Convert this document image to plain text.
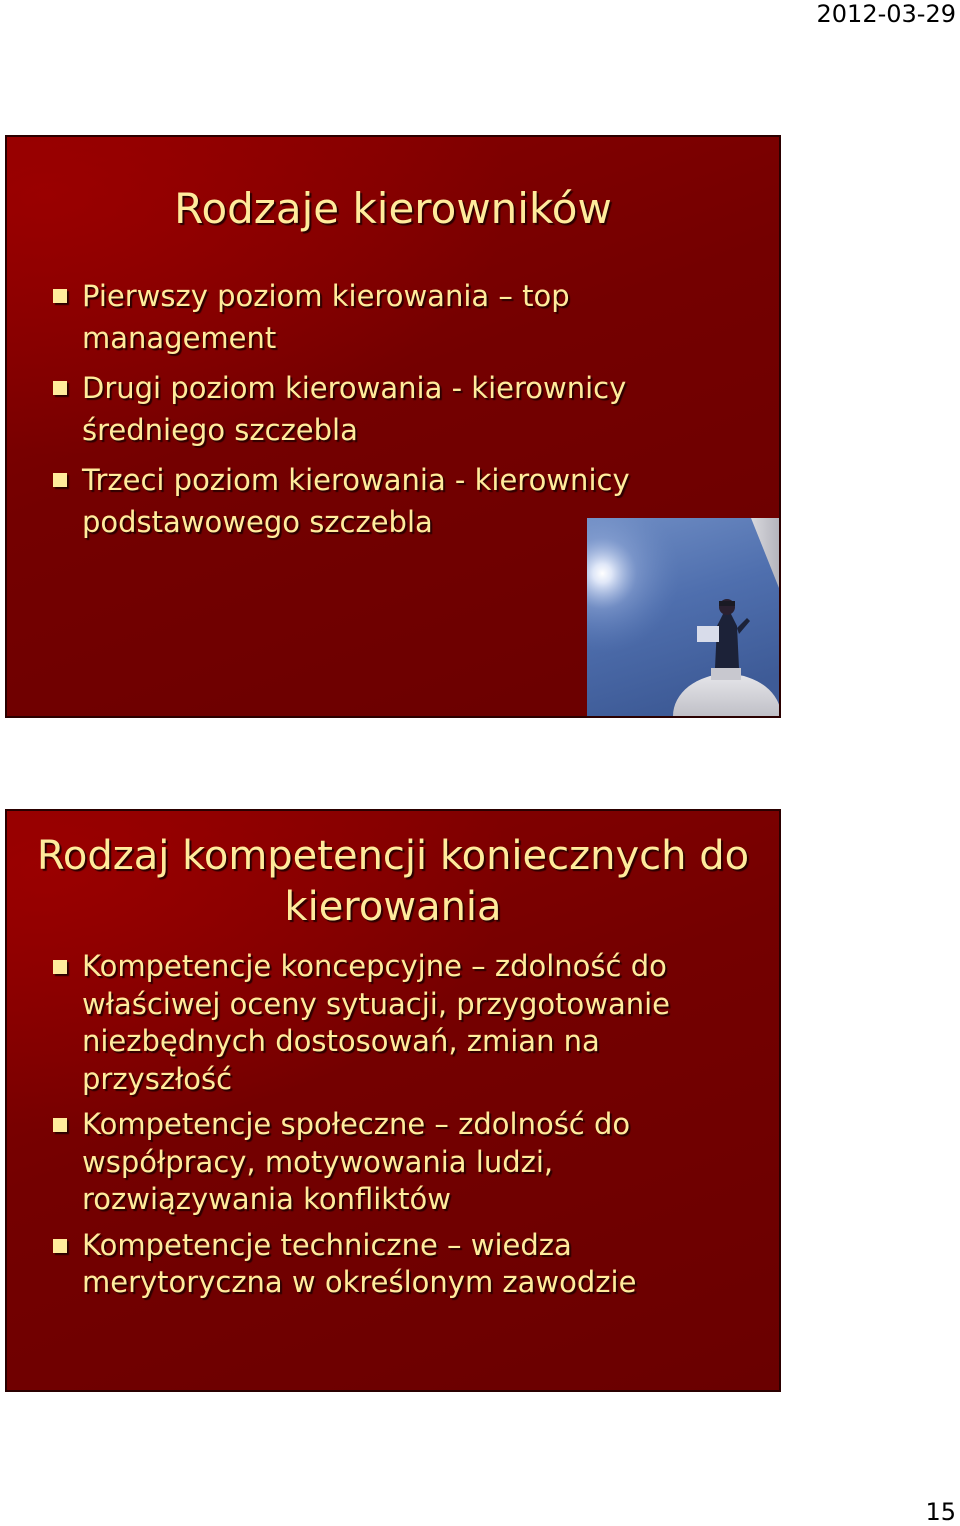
2012-03-29
Rodzaje kierowników
Pierwszy poziom kierowania – top management
Drugi poziom kierowania - kierownicy średniego szczebla
Trzeci poziom kierowania - kierownicy podstawowego szczebla
Rodzaj kompetencji koniecznych do kierowania
Kompetencje koncepcyjne – zdolność do właściwej oceny sytuacji, przygotowanie niezbędnych dostosowań, zmian na przyszłość
Kompetencje społeczne – zdolność do współpracy, motywowania ludzi, rozwiązywania konfliktów
Kompetencje techniczne – wiedza merytoryczna w określonym zawodzie
15
